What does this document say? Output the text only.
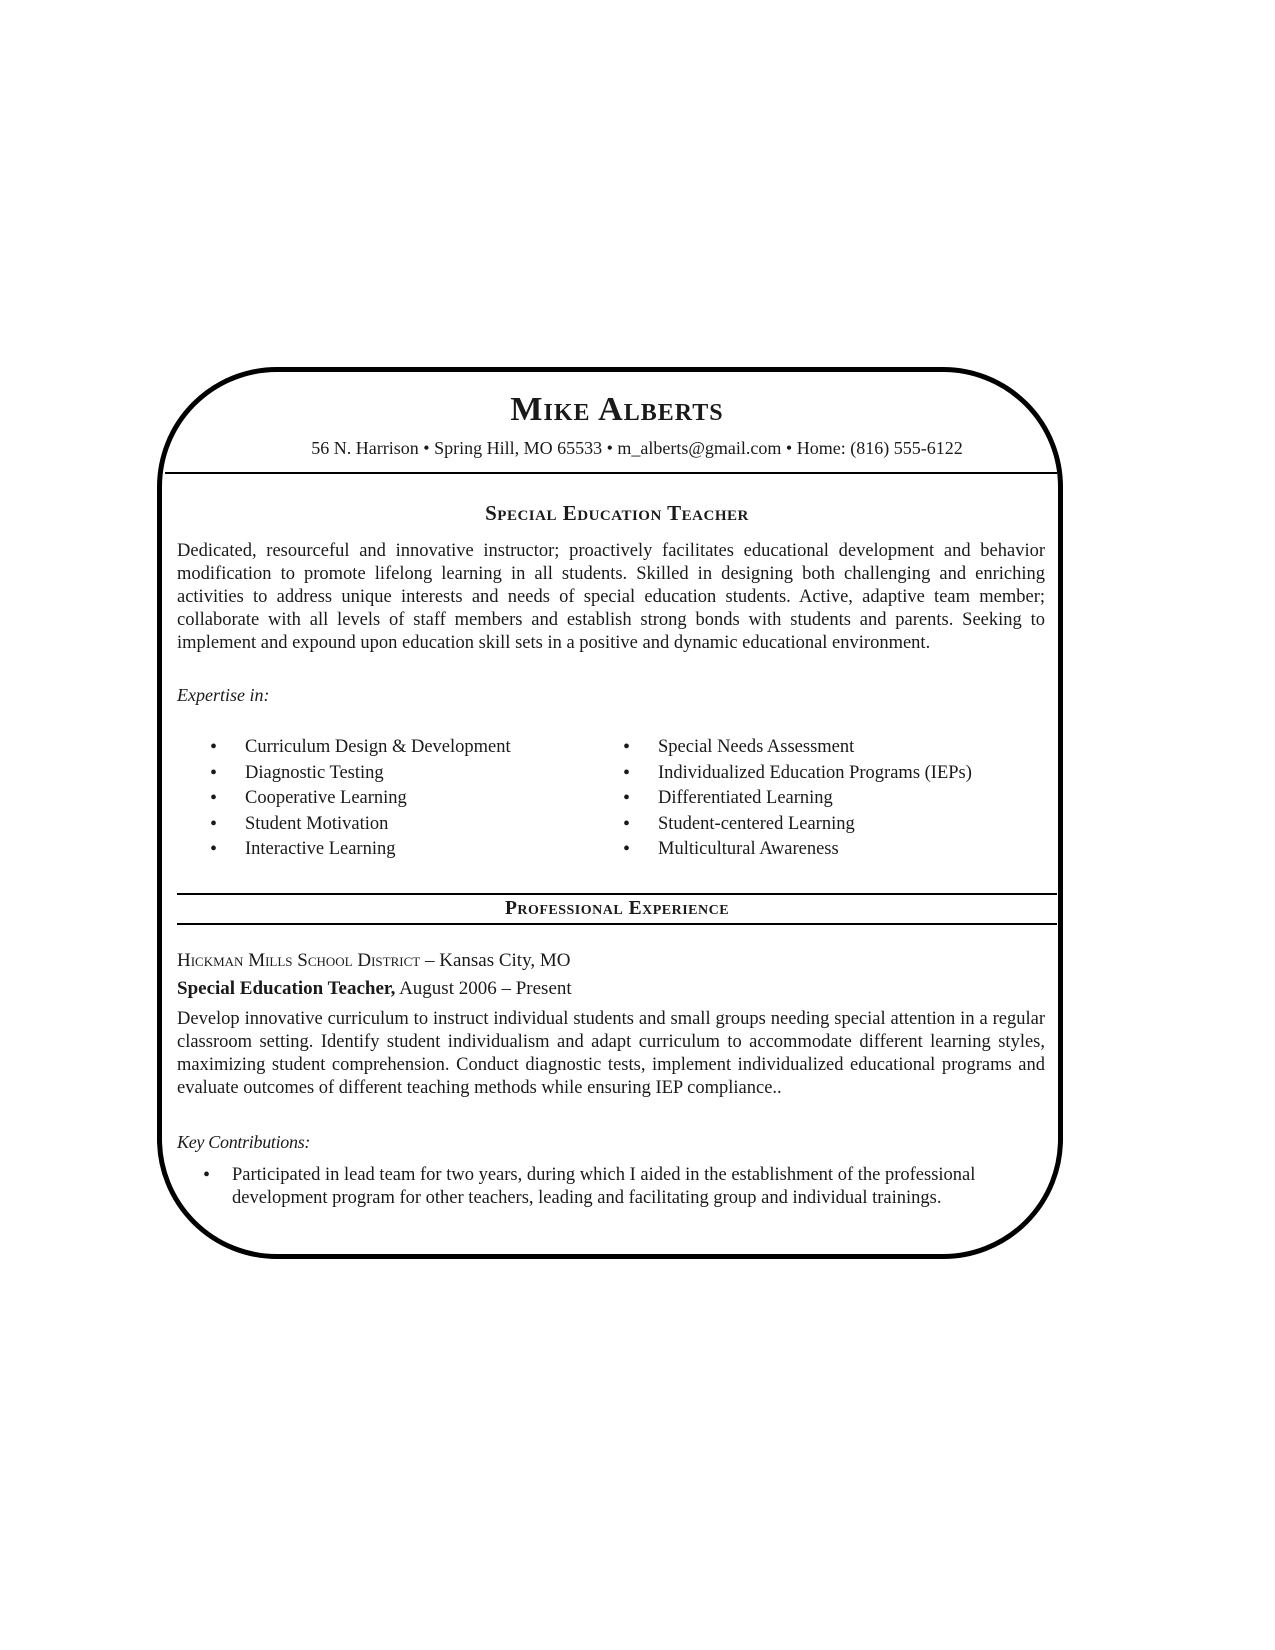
Mike Alberts
56 N. Harrison • Spring Hill, MO 65533 • m_alberts@gmail.com • Home: (816) 555-6122
Special Education Teacher

Dedicated, resourceful and innovative instructor; proactively facilitates educational development and behavior modification to promote lifelong learning in all students. Skilled in designing both challenging and enriching activities to address unique interests and needs of special education students. Active, adaptive team member; collaborate with all levels of staff members and establish strong bonds with students and parents. Seeking to implement and expound upon education skill sets in a positive and dynamic educational environment.

Expertise in:
• Curriculum Design & Development
• Diagnostic Testing
• Cooperative Learning
• Student Motivation
• Interactive Learning
• Special Needs Assessment
• Individualized Education Programs (IEPs)
• Differentiated Learning
• Student-centered Learning
• Multicultural Awareness
Professional Experience
Hickman Mills School District – Kansas City, MO
Special Education Teacher, August 2006 – Present

Develop innovative curriculum to instruct individual students and small groups needing special attention in a regular classroom setting. Identify student individualism and adapt curriculum to accommodate different learning styles, maximizing student comprehension. Conduct diagnostic tests, implement individualized educational programs and evaluate outcomes of different teaching methods while ensuring IEP compliance..

Key Contributions:
• Participated in lead team for two years, during which I aided in the establishment of the professional development program for other teachers, leading and facilitating group and individual trainings.
